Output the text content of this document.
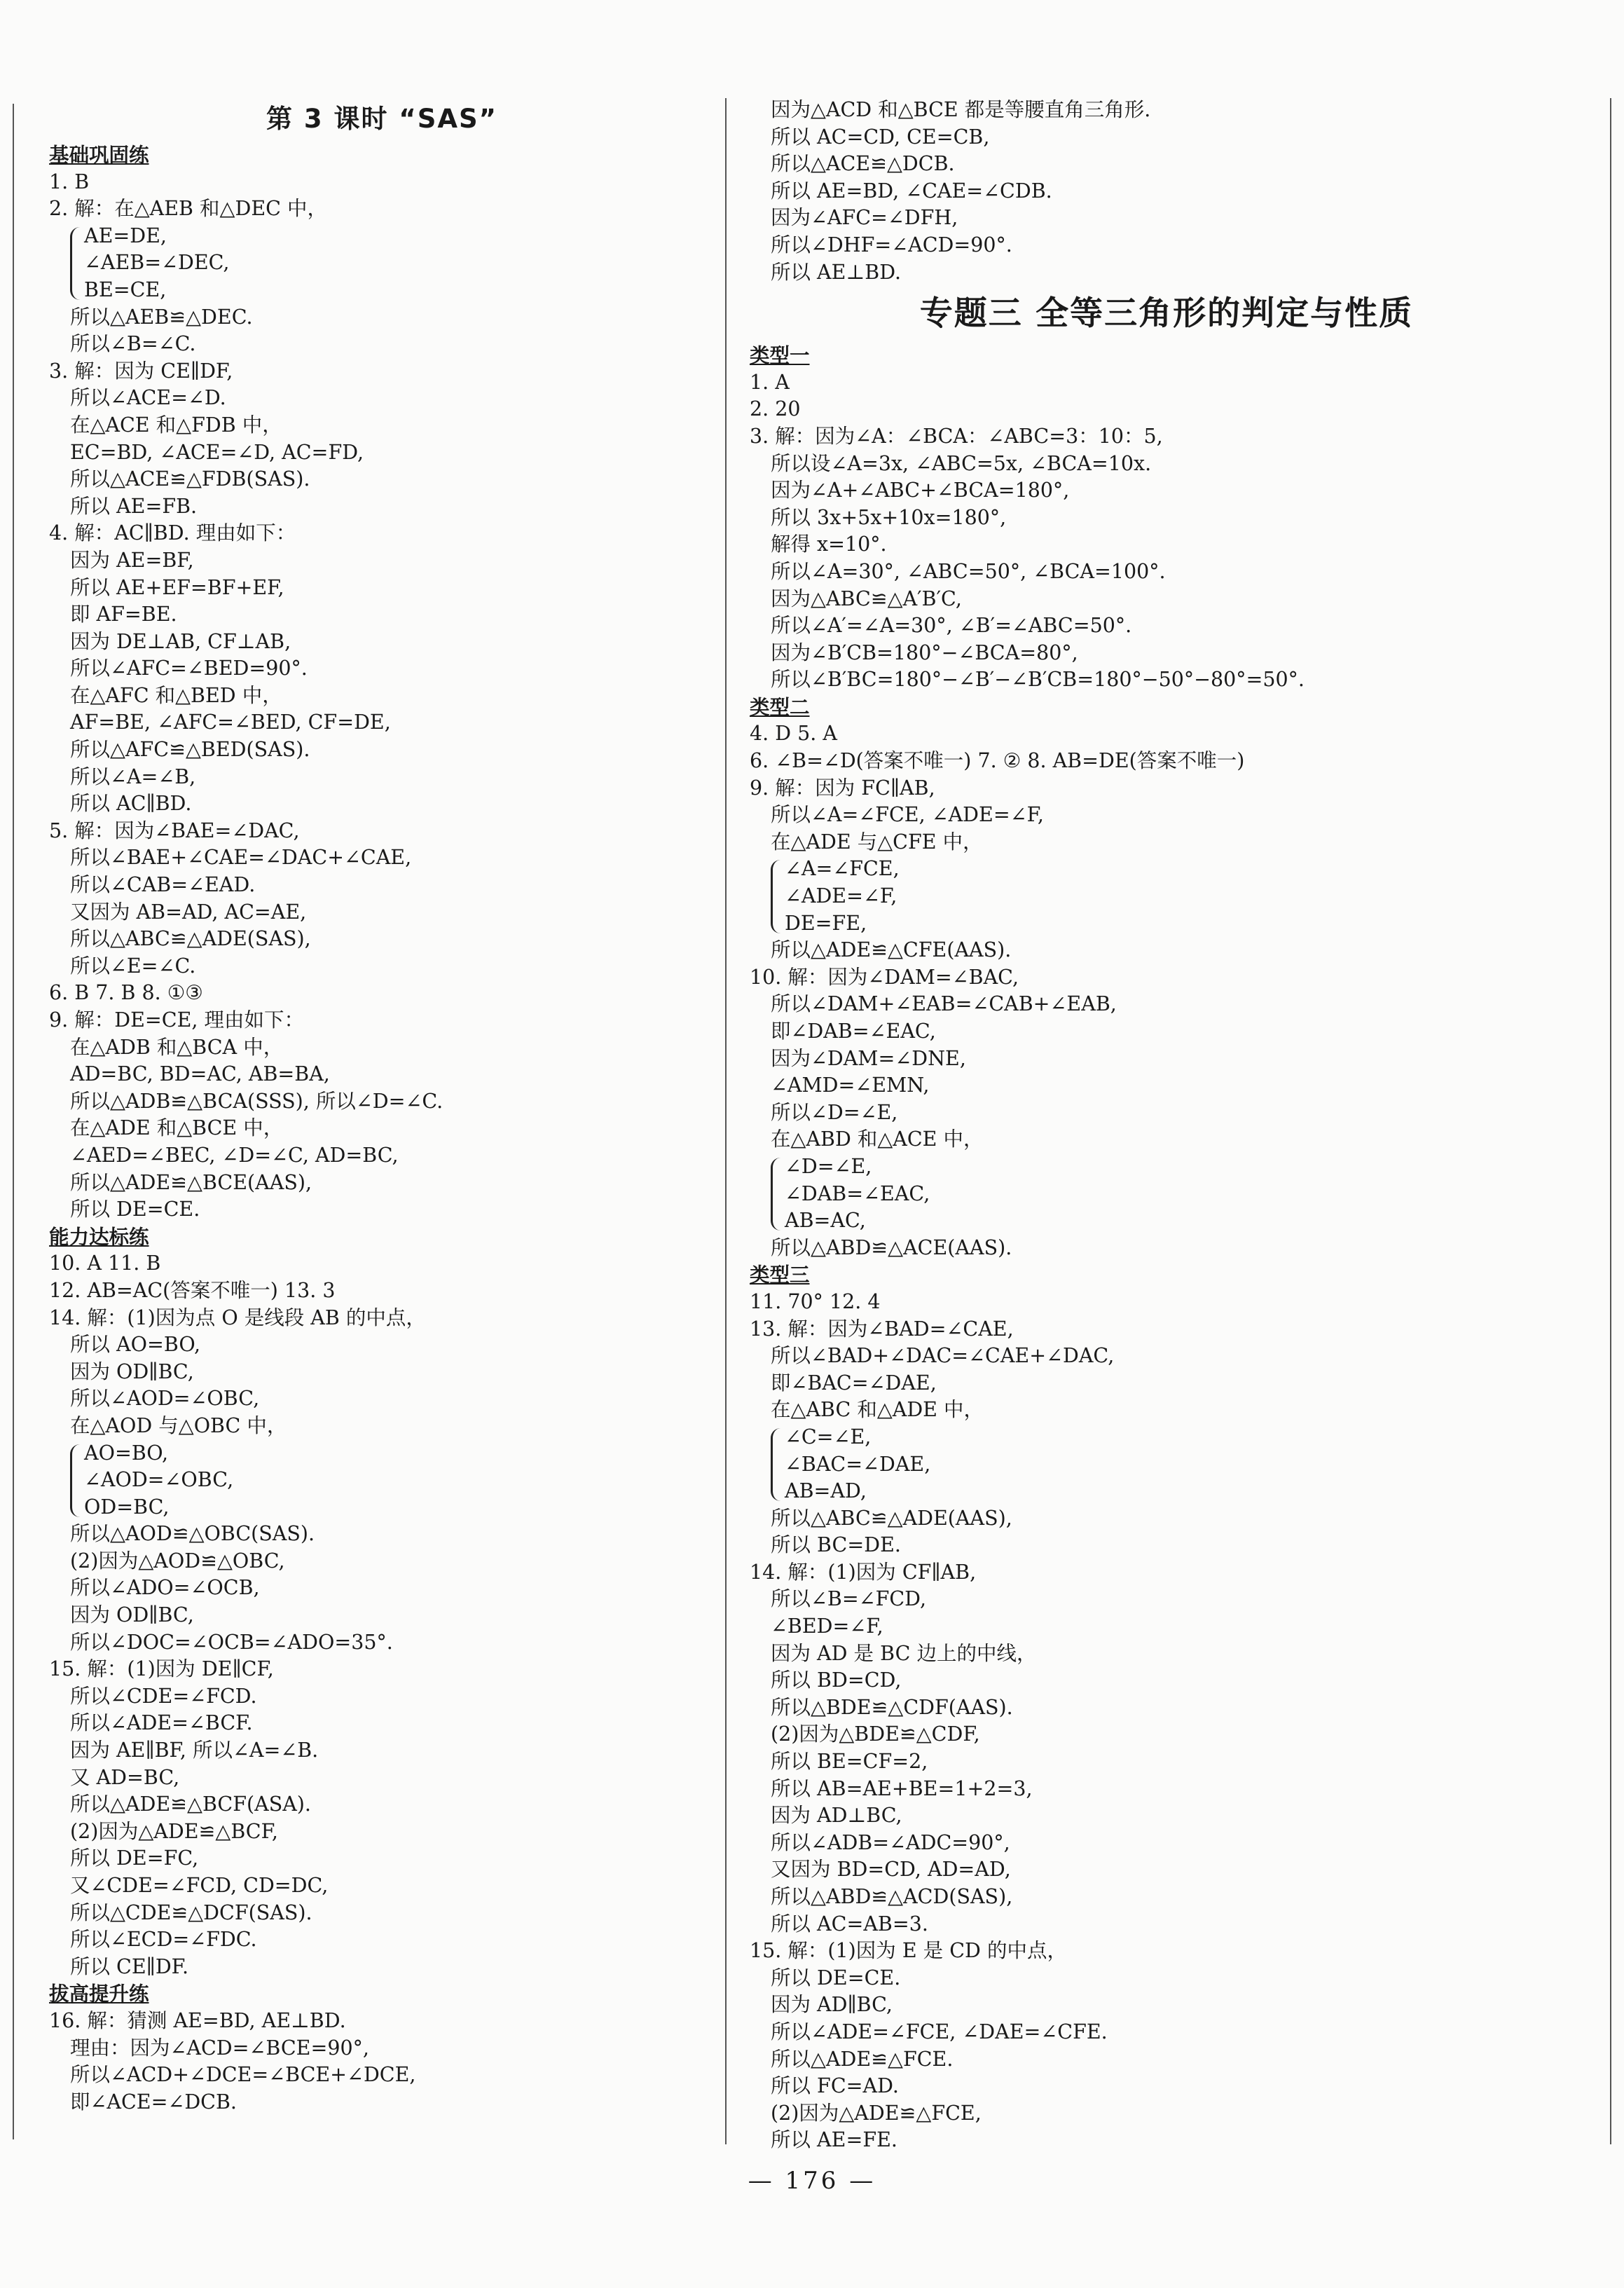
第 3 课时 “SAS”
基础巩固练
1. B
2. 解：在△AEB 和△DEC 中，
AE=DE,
∠AEB=∠DEC,
BE=CE,
所以△AEB≌△DEC.
所以∠B=∠C.
3. 解：因为 CE∥DF,
所以∠ACE=∠D.
在△ACE 和△FDB 中，
EC=BD, ∠ACE=∠D, AC=FD,
所以△ACE≌△FDB(SAS).
所以 AE=FB.
4. 解：AC∥BD. 理由如下：
因为 AE=BF,
所以 AE+EF=BF+EF,
即 AF=BE.
因为 DE⊥AB, CF⊥AB,
所以∠AFC=∠BED=90°.
在△AFC 和△BED 中，
AF=BE, ∠AFC=∠BED, CF=DE,
所以△AFC≌△BED(SAS).
所以∠A=∠B,
所以 AC∥BD.
5. 解：因为∠BAE=∠DAC,
所以∠BAE+∠CAE=∠DAC+∠CAE,
所以∠CAB=∠EAD.
又因为 AB=AD, AC=AE,
所以△ABC≌△ADE(SAS),
所以∠E=∠C.
6. B 7. B 8. ①③
9. 解：DE=CE, 理由如下：
在△ADB 和△BCA 中，
AD=BC, BD=AC, AB=BA,
所以△ADB≌△BCA(SSS), 所以∠D=∠C.
在△ADE 和△BCE 中，
∠AED=∠BEC, ∠D=∠C, AD=BC,
所以△ADE≌△BCE(AAS),
所以 DE=CE.
能力达标练
10. A 11. B
12. AB=AC(答案不唯一) 13. 3
14. 解：(1)因为点 O 是线段 AB 的中点，
所以 AO=BO,
因为 OD∥BC,
所以∠AOD=∠OBC,
在△AOD 与△OBC 中，
AO=BO,
∠AOD=∠OBC,
OD=BC,
所以△AOD≌△OBC(SAS).
(2)因为△AOD≌△OBC,
所以∠ADO=∠OCB,
因为 OD∥BC,
所以∠DOC=∠OCB=∠ADO=35°.
15. 解：(1)因为 DE∥CF,
所以∠CDE=∠FCD.
所以∠ADE=∠BCF.
因为 AE∥BF, 所以∠A=∠B.
又 AD=BC,
所以△ADE≌△BCF(ASA).
(2)因为△ADE≌△BCF,
所以 DE=FC,
又∠CDE=∠FCD, CD=DC,
所以△CDE≌△DCF(SAS).
所以∠ECD=∠FDC.
所以 CE∥DF.
拔高提升练
16. 解：猜测 AE=BD, AE⊥BD.
理由：因为∠ACD=∠BCE=90°,
所以∠ACD+∠DCE=∠BCE+∠DCE,
即∠ACE=∠DCB.
因为△ACD 和△BCE 都是等腰直角三角形.
所以 AC=CD, CE=CB,
所以△ACE≌△DCB.
所以 AE=BD, ∠CAE=∠CDB.
因为∠AFC=∠DFH,
所以∠DHF=∠ACD=90°.
所以 AE⊥BD.
专题三 全等三角形的判定与性质
类型一
1. A
2. 20
3. 解：因为∠A：∠BCA：∠ABC=3：10：5,
所以设∠A=3x, ∠ABC=5x, ∠BCA=10x.
因为∠A+∠ABC+∠BCA=180°,
所以 3x+5x+10x=180°,
解得 x=10°.
所以∠A=30°, ∠ABC=50°, ∠BCA=100°.
因为△ABC≌△A′B′C,
所以∠A′=∠A=30°, ∠B′=∠ABC=50°.
因为∠B′CB=180°−∠BCA=80°,
所以∠B′BC=180°−∠B′−∠B′CB=180°−50°−80°=50°.
类型二
4. D 5. A
6. ∠B=∠D(答案不唯一) 7. ② 8. AB=DE(答案不唯一)
9. 解：因为 FC∥AB,
所以∠A=∠FCE, ∠ADE=∠F,
在△ADE 与△CFE 中，
∠A=∠FCE,
∠ADE=∠F,
DE=FE,
所以△ADE≌△CFE(AAS).
10. 解：因为∠DAM=∠BAC,
所以∠DAM+∠EAB=∠CAB+∠EAB,
即∠DAB=∠EAC,
因为∠DAM=∠DNE,
∠AMD=∠EMN,
所以∠D=∠E,
在△ABD 和△ACE 中，
∠D=∠E,
∠DAB=∠EAC,
AB=AC,
所以△ABD≌△ACE(AAS).
类型三
11. 70° 12. 4
13. 解：因为∠BAD=∠CAE,
所以∠BAD+∠DAC=∠CAE+∠DAC,
即∠BAC=∠DAE,
在△ABC 和△ADE 中，
∠C=∠E,
∠BAC=∠DAE,
AB=AD,
所以△ABC≌△ADE(AAS),
所以 BC=DE.
14. 解：(1)因为 CF∥AB,
所以∠B=∠FCD,
∠BED=∠F,
因为 AD 是 BC 边上的中线，
所以 BD=CD,
所以△BDE≌△CDF(AAS).
(2)因为△BDE≌△CDF,
所以 BE=CF=2,
所以 AB=AE+BE=1+2=3,
因为 AD⊥BC,
所以∠ADB=∠ADC=90°,
又因为 BD=CD, AD=AD,
所以△ABD≌△ACD(SAS),
所以 AC=AB=3.
15. 解：(1)因为 E 是 CD 的中点，
所以 DE=CE.
因为 AD∥BC,
所以∠ADE=∠FCE, ∠DAE=∠CFE.
所以△ADE≌△FCE.
所以 FC=AD.
(2)因为△ADE≌△FCE,
所以 AE=FE.
— 176 —
